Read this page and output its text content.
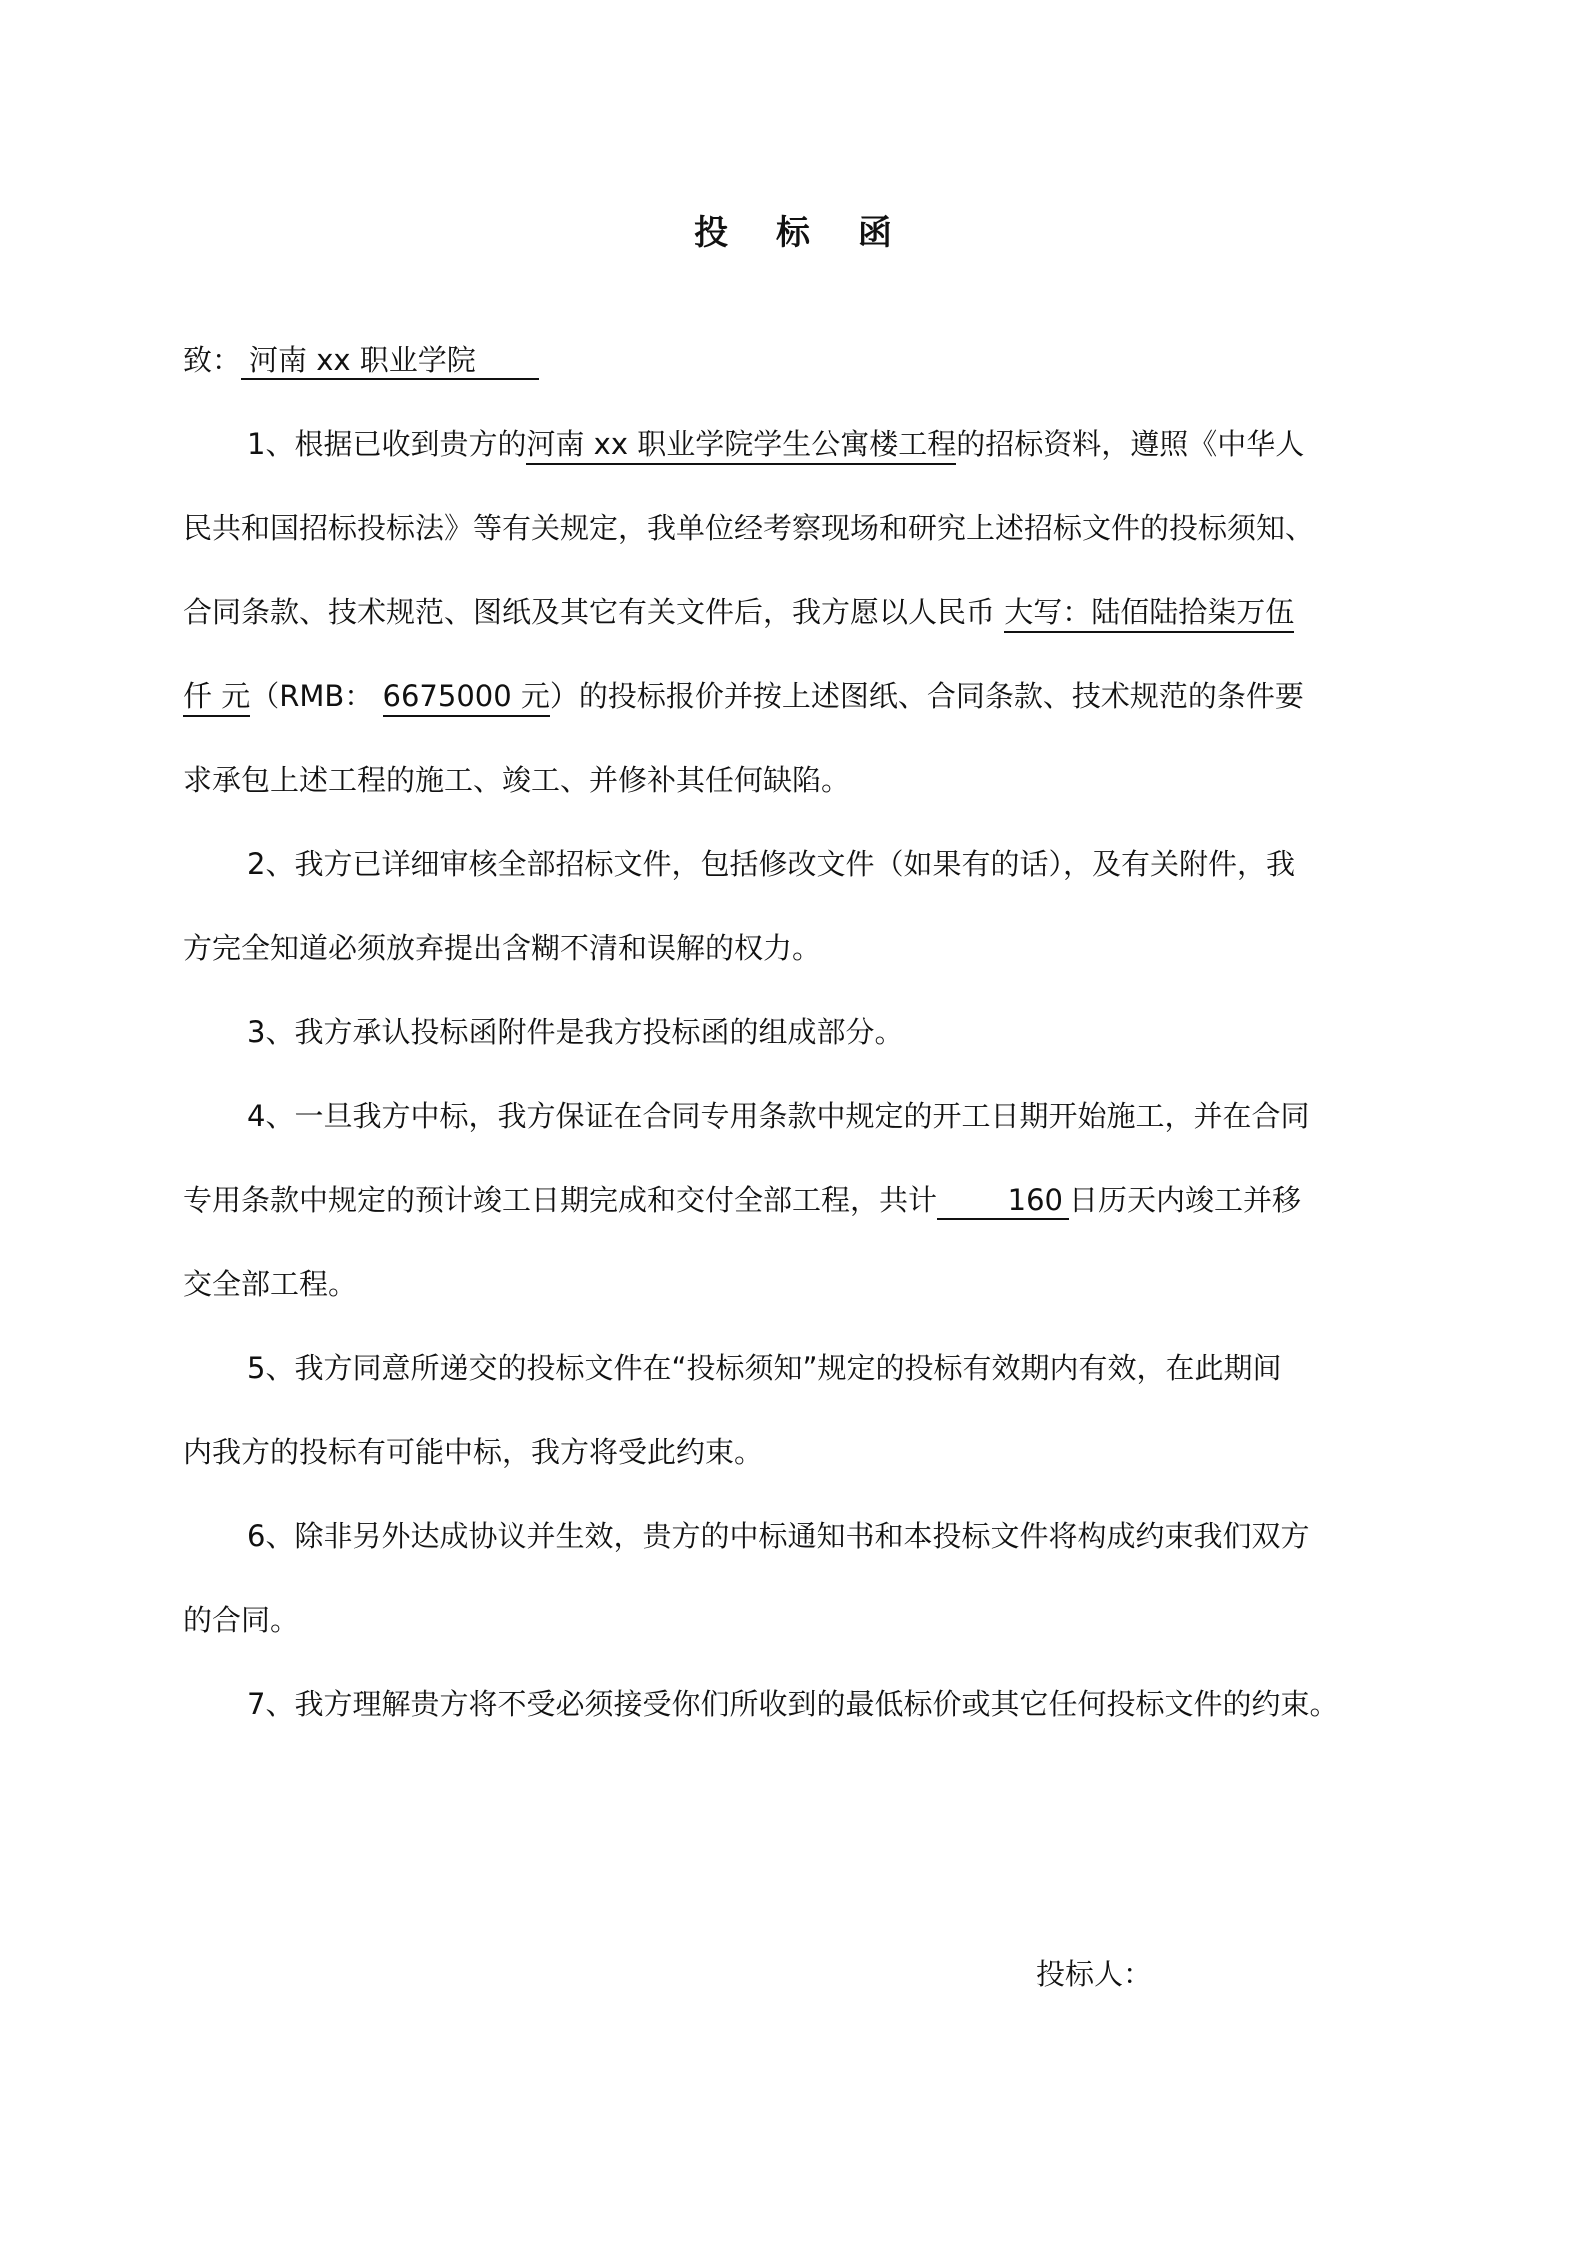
投 标 函
致： 河南 xx 职业学院
1、根据已收到贵方的河南 xx 职业学院学生公寓楼工程的招标资料，遵照《中华人
民共和国招标投标法》等有关规定，我单位经考察现场和研究上述招标文件的投标须知、
合同条款、技术规范、图纸及其它有关文件后，我方愿以人民币 大写：陆佰陆拾柒万伍
仟 元（RMB： 6675000 元）的投标报价并按上述图纸、合同条款、技术规范的条件要
求承包上述工程的施工、竣工、并修补其任何缺陷。
2、我方已详细审核全部招标文件，包括修改文件（如果有的话），及有关附件，我
方完全知道必须放弃提出含糊不清和误解的权力。
3、我方承认投标函附件是我方投标函的组成部分。
4、一旦我方中标，我方保证在合同专用条款中规定的开工日期开始施工，并在合同
专用条款中规定的预计竣工日期完成和交付全部工程，共计 160 日历天内竣工并移
交全部工程。
5、我方同意所递交的投标文件在“投标须知”规定的投标有效期内有效，在此期间
内我方的投标有可能中标，我方将受此约束。
6、除非另外达成协议并生效，贵方的中标通知书和本投标文件将构成约束我们双方
的合同。
7、我方理解贵方将不受必须接受你们所收到的最低标价或其它任何投标文件的约束。
投标人：
